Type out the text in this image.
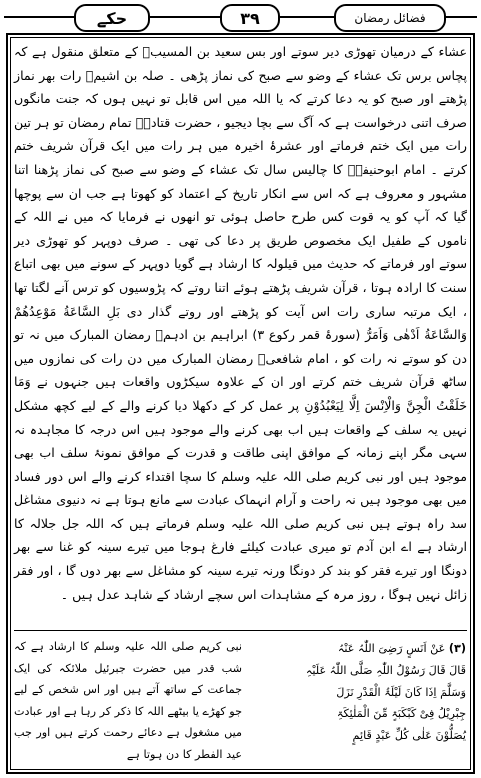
حکے	۳۹	فضائل رمضان

عشاء کے درمیان تھوڑی دیر سوتے اور بس سعید بن المسیبؒ کے متعلق منقول ہے کہ پچاس برس تک عشاء کے وضو سے صبح کی نماز پڑھی ۔ صلہ بن اشیمؒ رات بھر نماز پڑھتے اور صبح کو یہ دعا کرتے کہ یا اللہ میں اس قابل تو نہیں ہوں کہ جنت مانگوں صرف اتنی درخواست ہے کہ آگ سے بچا دیجیو ، حضرت قتادہؒ تمام رمضان تو ہر تین رات میں ایک ختم فرماتے اور عشرۂ اخیرہ میں ہر رات میں ایک قرآن شریف ختم کرتے ۔ امام ابوحنیفہؒ کا چالیس سال تک عشاء کے وضو سے صبح کی نماز پڑھنا اتنا مشہور و معروف ہے کہ اس سے انکار تاریخ کے اعتماد کو کھوتا ہے جب ان سے پوچھا گیا کہ آپ کو یہ قوت کس طرح حاصل ہوئی تو انھوں نے فرمایا کہ میں نے اللہ کے ناموں کے طفیل ایک مخصوص طریق پر دعا کی تھی ۔ صرف دوپہر کو تھوڑی دیر سوتے اور فرماتے کہ حدیث میں قیلولہ کا ارشاد ہے گویا دوپہر کے سونے میں بھی اتباع سنت کا ارادہ ہوتا ، قرآن شریف پڑھتے ہوئے اتنا روتے کہ پڑوسیوں کو ترس آنے لگتا تھا ، ایک مرتبہ ساری رات اس آیت کو پڑھتے اور روتے گذار دی بَلِ السَّاعَةُ مَوْعِدُهُمْ وَالسَّاعَةُ اَدْهٰى وَاَمَرُّ (سورۂ قمر رکوع ۳) ابراہیم بن ادہمؒ رمضان المبارک میں نہ تو دن کو سوتے نہ رات کو ، امام شافعیؒ رمضان المبارک میں دن رات کی نمازوں میں ساٹھ قرآن شریف ختم کرتے اور ان کے علاوہ سیکڑوں واقعات ہیں جنہوں نے وَمَا خَلَقْتُ الْجِنَّ وَالْاِنْسَ اِلَّا لِيَعْبُدُوْنِ پر عمل کر کے دکھلا دیا کرنے والے کے لیے کچھ مشکل نہیں یہ سلف کے واقعات ہیں اب بھی کرنے والے موجود ہیں اس درجہ کا مجاہدہ نہ سہی مگر اپنے زمانہ کے موافق اپنی طاقت و قدرت کے موافق نمونۂ سلف اب بھی موجود ہیں اور نبی کریم صلی اللہ علیہ وسلم کا سچا اقتداء کرنے والے اس دور فساد میں بھی موجود ہیں نہ راحت و آرام انہماک عبادت سے مانع ہوتا ہے نہ دنیوی مشاغل سد راہ ہوتے ہیں نبی کریم صلی اللہ علیہ وسلم فرماتے ہیں کہ اللہ جل جلالہ کا ارشاد ہے اے ابن آدم تو میری عبادت کیلئے فارغ ہوجا میں تیرے سینہ کو غنا سے بھر دونگا اور تیرے فقر کو بند کر دونگا ورنہ تیرے سینہ کو مشاغل سے بھر دوں گا ، اور فقر زائل نہیں ہوگا ، روز مرہ کے مشاہدات اس سچے ارشاد کے شاہد عدل ہیں ۔

(۳) عَنْ اَنَسٍ رَضِیَ اللّٰہُ عَنْہُ

قَالَ قَالَ رَسُوْلُ اللّٰہِ صَلَّی اللّٰہُ عَلَیْہِ

وَسَلَّمَ اِذَا کَانَ لَیْلَۃُ الْقَدْرِ نَزَلَ

جِبْرِیْلُ فِیْ کَبْکَبَۃٍ مِّنَ الْمَلٰئِکَۃِ

یُصَلُّوْنَ عَلٰی کُلِّ عَبْدٍ قَائِمٍ

نبی کریم صلی اللہ علیہ وسلم کا ارشاد ہے کہ شب قدر میں حضرت جبرئیل ملائکہ کی ایک جماعت کے ساتھ آتے ہیں اور اس شخص کے لیے جو کھڑے یا بیٹھے اللہ کا ذکر کر رہا ہے اور عبادت میں مشغول ہے دعائے رحمت کرتے ہیں اور جب عید الفطر کا دن ہوتا ہے
